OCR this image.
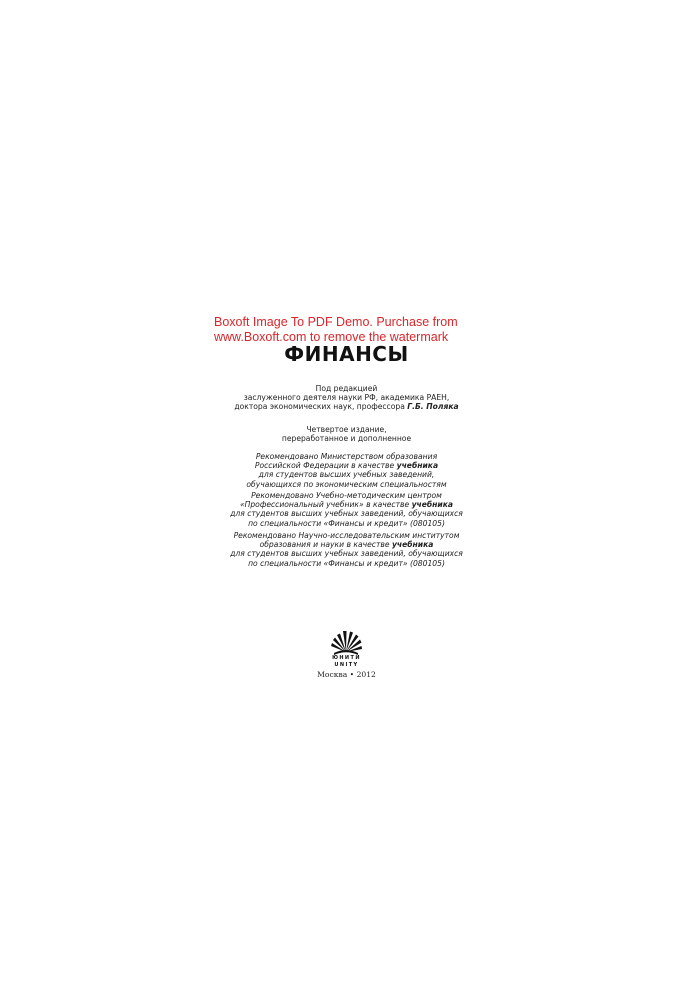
Boxoft Image To PDF Demo. Purchase from
www.Boxoft.com to remove the watermark
ФИНАНСЫ
Под редакцией
заслуженного деятеля науки РФ, академика РАЕН,
доктора экономических наук, профессора Г.Б. Поляка
Четвертое издание,
переработанное и дополненное
Рекомендовано Министерством образования
Российской Федерации в качестве учебника
для студентов высших учебных заведений,
обучающихся по экономическим специальностям
Рекомендовано Учебно-методическим центром
«Профессиональный учебник» в качестве учебника
для студентов высших учебных заведений, обучающихся
по специальности «Финансы и кредит» (080105)
Рекомендовано Научно-исследовательским институтом
образования и науки в качестве учебника
для студентов высших учебных заведений, обучающихся
по специальности «Финансы и кредит» (080105)
ЮНИТИ
UNITY
Москва • 2012
